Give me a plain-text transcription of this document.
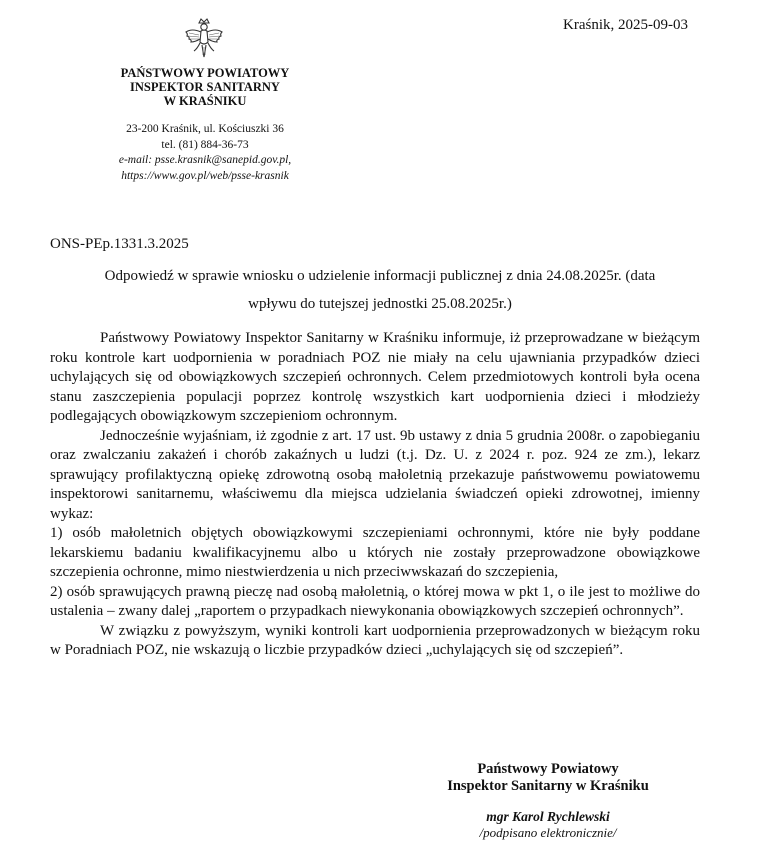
Kraśnik, 2025-09-03
PAŃSTWOWY POWIATOWY
INSPEKTOR SANITARNY
W KRAŚNIKU
23-200 Kraśnik, ul. Kościuszki 36
tel. (81) 884-36-73
e-mail: psse.krasnik@sanepid.gov.pl,
https://www.gov.pl/web/psse-krasnik
ONS-PEp.1331.3.2025
Odpowiedź w sprawie wniosku o udzielenie informacji publicznej z dnia 24.08.2025r. (data
wpływu do tutejszej jednostki 25.08.2025r.)

Państwowy Powiatowy Inspektor Sanitarny w Kraśniku informuje, iż przeprowadzane w bieżącym roku kontrole kart uodpornienia w poradniach POZ nie miały na celu ujawniania przypadków dzieci uchylających się od obowiązkowych szczepień ochronnych. Celem przedmiotowych kontroli była ocena stanu zaszczepienia populacji poprzez kontrolę wszystkich kart uodpornienia dzieci i młodzieży podlegających obowiązkowym szczepieniom ochronnym.

Jednocześnie wyjaśniam, iż zgodnie z art. 17 ust. 9b ustawy z dnia 5 grudnia 2008r. o zapobieganiu oraz zwalczaniu zakażeń i chorób zakaźnych u ludzi (t.j. Dz. U. z 2024 r. poz. 924 ze zm.), lekarz sprawujący profilaktyczną opiekę zdrowotną osobą małoletnią przekazuje państwowemu powiatowemu inspektorowi sanitarnemu, właściwemu dla miejsca udzielania świadczeń opieki zdrowotnej, imienny wykaz:

1) osób małoletnich objętych obowiązkowymi szczepieniami ochronnymi, które nie były poddane lekarskiemu badaniu kwalifikacyjnemu albo u których nie zostały przeprowadzone obowiązkowe szczepienia ochronne, mimo niestwierdzenia u nich przeciwwskazań do szczepienia,

2) osób sprawujących prawną pieczę nad osobą małoletnią, o której mowa w pkt 1, o ile jest to możliwe do ustalenia – zwany dalej „raportem o przypadkach niewykonania obowiązkowych szczepień ochronnych”.

W związku z powyższym, wyniki kontroli kart uodpornienia przeprowadzonych w bieżącym roku w Poradniach POZ, nie wskazują o liczbie przypadków dzieci „uchylających się od szczepień”.

Państwowy Powiatowy
Inspektor Sanitarny w Kraśniku
mgr Karol Rychlewski
/podpisano elektronicznie/
